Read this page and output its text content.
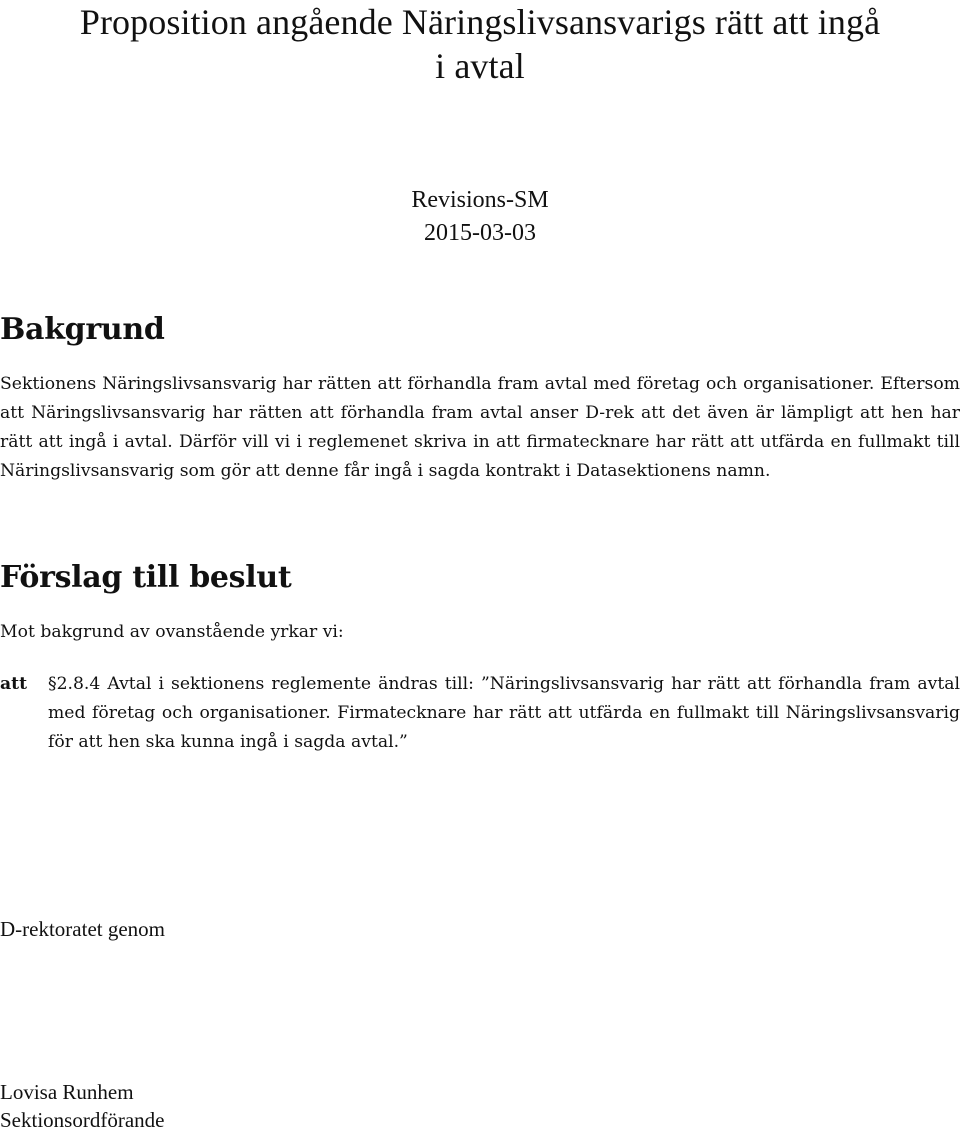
Proposition angående Näringslivsansvarigs rätt att ingå
i avtal
Revisions-SM
2015-03-03
Bakgrund

Sektionens Näringslivsansvarig har rätten att förhandla fram avtal med företag och organisationer. Eftersom att Näringslivsansvarig har rätten att förhandla fram avtal anser D-rek att det även är lämpligt att hen har rätt att ingå i avtal. Därför vill vi i reglemenet skriva in att firmatecknare har rätt att utfärda en fullmakt till Näringslivsansvarig som gör att denne får ingå i sagda kontrakt i Datasektionens namn.

Förslag till beslut

Mot bakgrund av ovanstående yrkar vi:

att §2.8.4 Avtal i sektionens reglemente ändras till: ”Näringslivsansvarig har rätt att förhandla fram avtal med företag och organisationer. Firmatecknare har rätt att utfärda en fullmakt till Näringslivsansvarig för att hen ska kunna ingå i sagda avtal.”

D-rektoratet genom

Lovisa Runhem

Sektionsordförande
